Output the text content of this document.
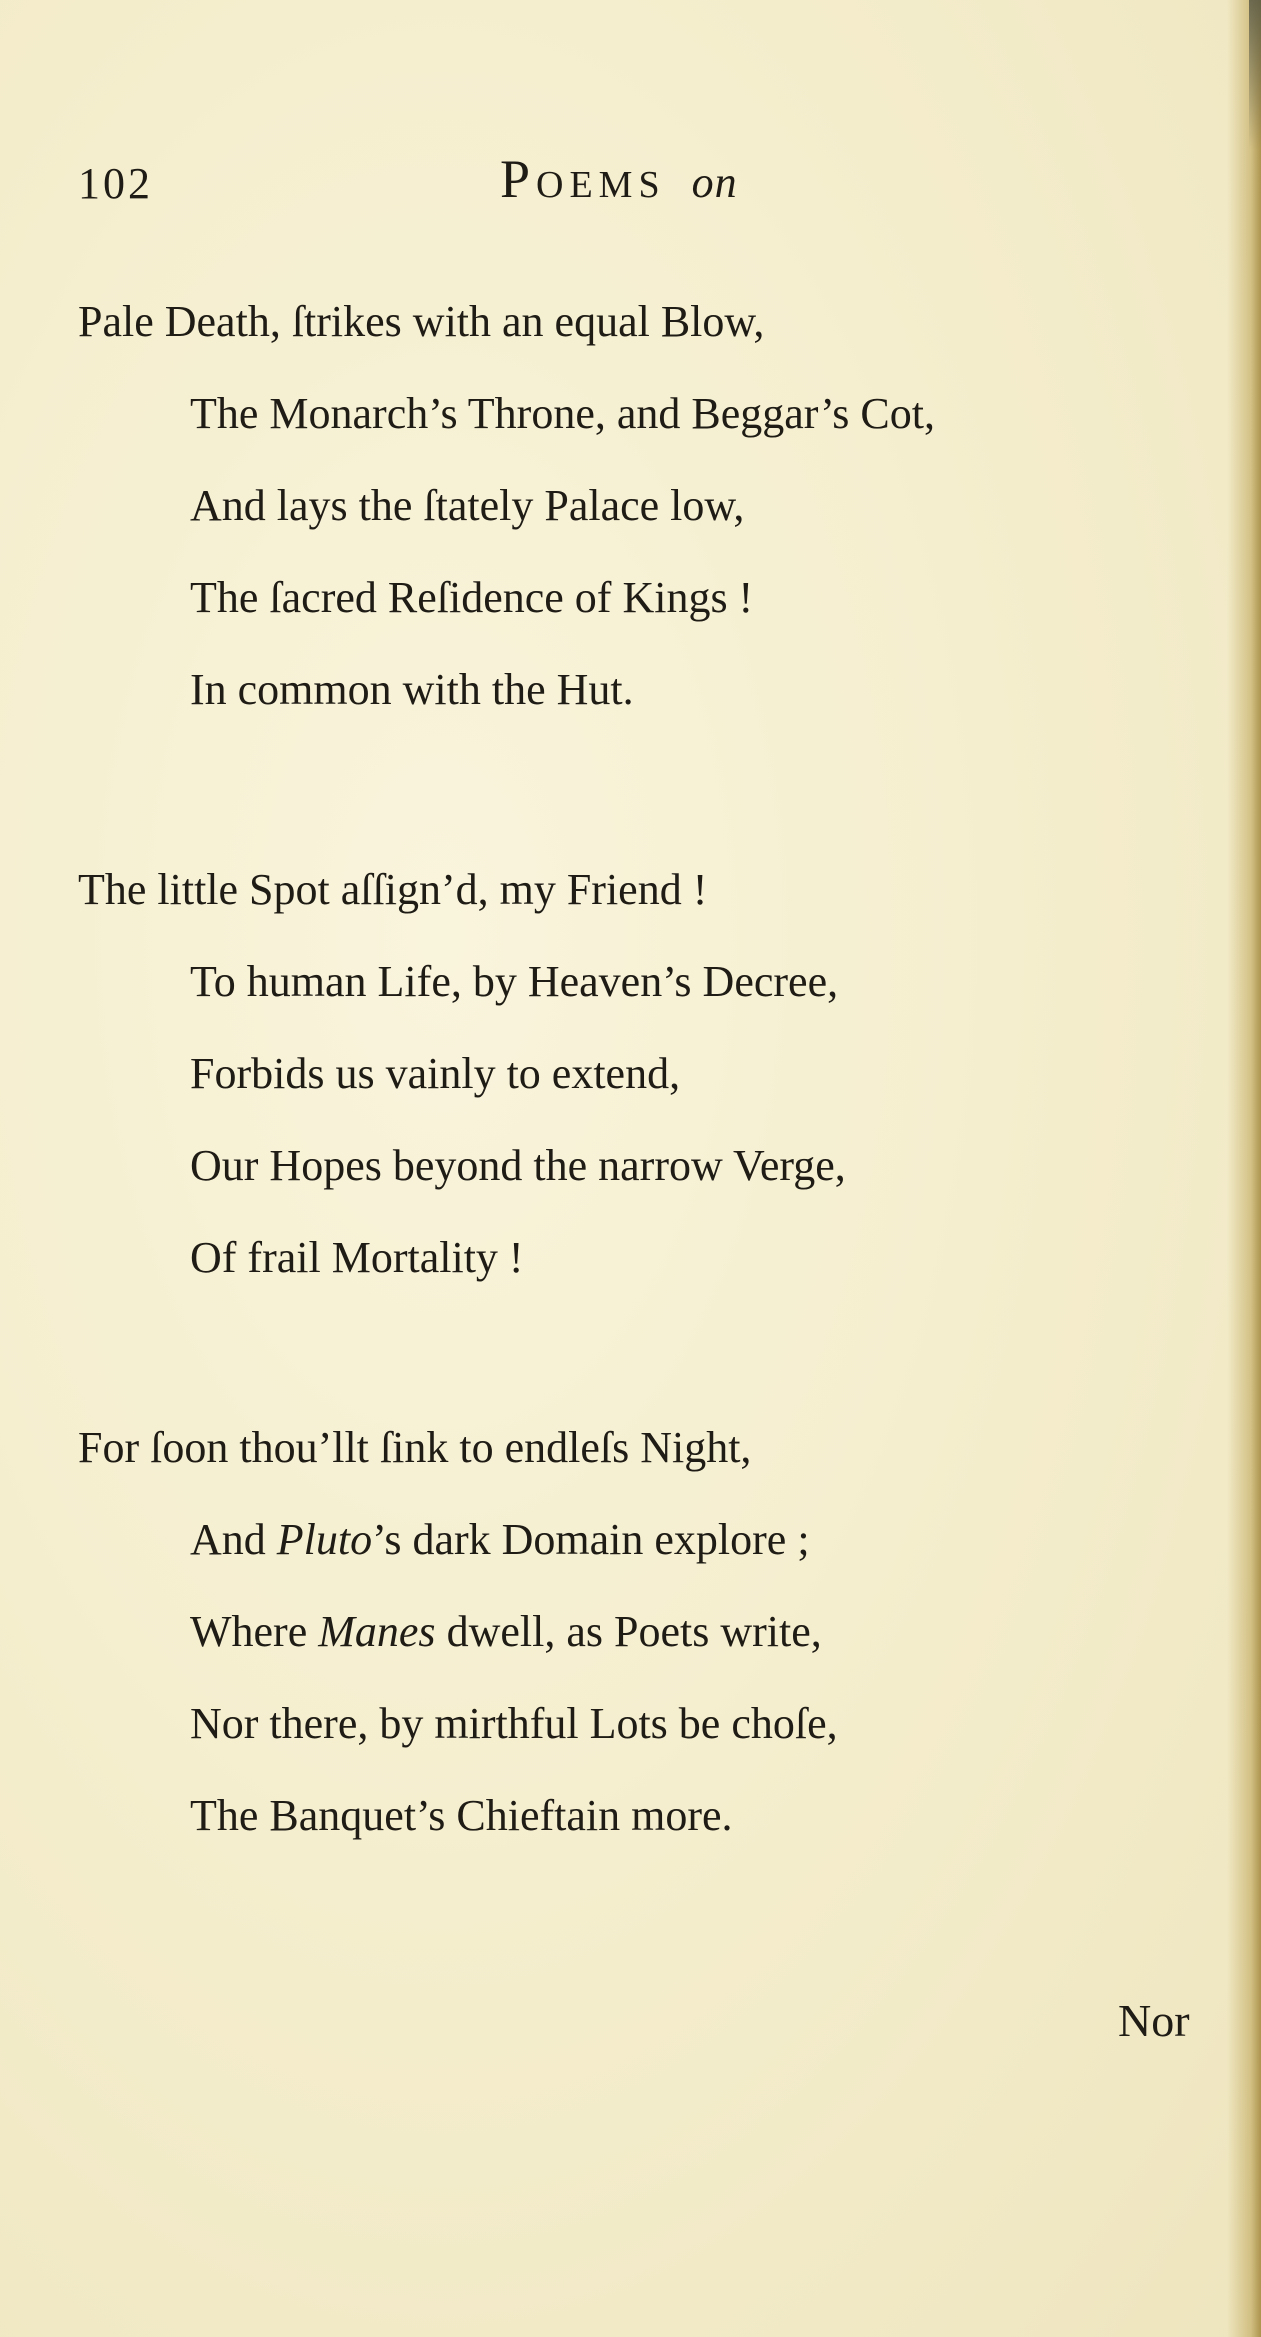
102	Poems on
Pale Death, ſtrikes with an equal Blow,
The Monarch’s Throne, and Beggar’s Cot,
And lays the ſtately Palace low,
The ſacred Reſidence of Kings !
In common with the Hut.
The little Spot aſſign’d, my Friend !
To human Life, by Heaven’s Decree,
Forbids us vainly to extend,
Our Hopes beyond the narrow Verge,
Of frail Mortality !
For ſoon thou’llt ſink to endleſs Night,
And Pluto’s dark Domain explore ;
Where Manes dwell, as Poets write,
Nor there, by mirthful Lots be choſe,
The Banquet’s Chieftain more.
Nor
